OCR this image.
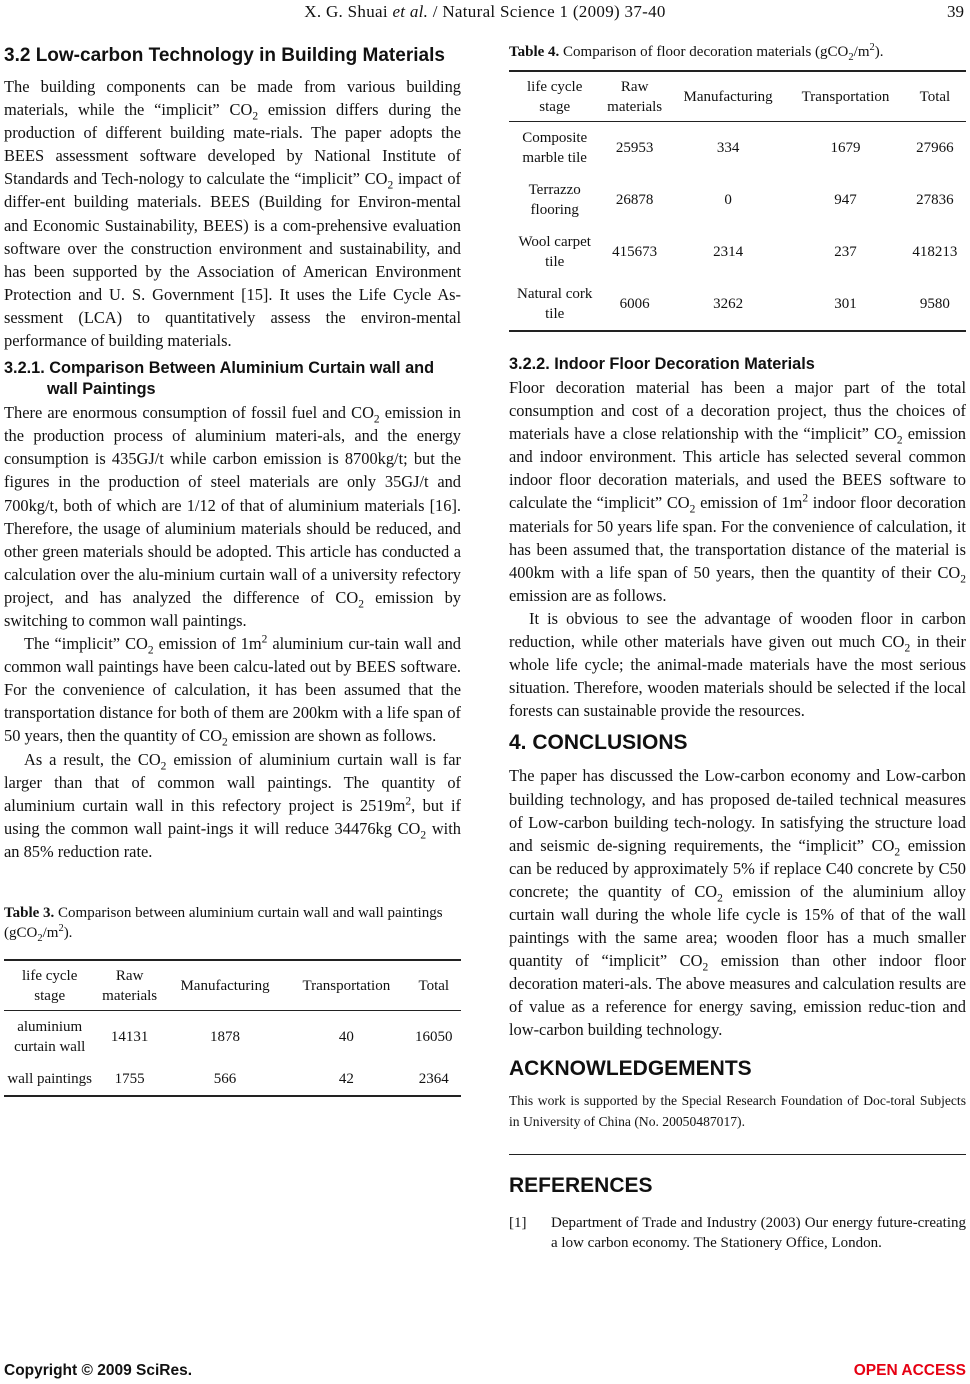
X. G. Shuai et al. / Natural Science 1 (2009) 37-40	39
3.2 Low-carbon Technology in Building Materials

The building components can be made from various building materials, while the “implicit” $CO_2$ emission differs during the production of different building mate-rials. The paper adopts the BEES assessment software developed by National Institute of Standards and Tech-nology to calculate the “implicit” $CO_2$ impact of differ-ent building materials. BEES (Building for Environ-mental and Economic Sustainability, BEES) is a com-prehensive evaluation software over the construction environment and sustainability, and has been supported by the Association of American Environment Protection and U. S. Government [15]. It uses the Life Cycle As-sessment (LCA) to quantitatively assess the environ-mental performance of building materials.

3.2.1. Comparison Between Aluminium Curtain wall and wall Paintings

There are enormous consumption of fossil fuel and $CO_2$ emission in the production process of aluminium materi-als, and the energy consumption is 435GJ/t while carbon emission is 8700kg/t; but the figures in the production of steel materials are only 35GJ/t and 700kg/t, both of which are 1/12 of that of aluminium materials [16]. Therefore, the usage of aluminium materials should be reduced, and other green materials should be adopted. This article has conducted a calculation over the alu-minium curtain wall of a university refectory project, and has analyzed the difference of $CO_2$ emission by switching to common wall paintings.

The “implicit” $CO_2$ emission of $1m^2$ aluminium cur-tain wall and common wall paintings have been calcu-lated out by BEES software. For the convenience of calculation, it has been assumed that the transportation distance for both of them are 200km with a life span of 50 years, then the quantity of $CO_2$ emission are shown as follows.

As a result, the $CO_2$ emission of aluminium curtain wall is far larger than that of common wall paintings. The quantity of aluminium curtain wall in this refectory project is $2519m^2$, but if using the common wall paint-ings it will reduce 34476kg $CO_2$ with an 85% reduction rate.

Table 3. Comparison between aluminium curtain wall and wall paintings $(gCO_2/m^2)$.

life cycle stage	Raw materials	Manufacturing	Transportation	Total
aluminium curtain wall	14131	1878	40	16050
wall paintings	1755	566	42	2364

Table 4. Comparison of floor decoration materials $(gCO_2/m^2)$.

life cycle stage	Raw materials	Manufacturing	Transportation	Total
Composite marble tile	25953	334	1679	27966
Terrazzo flooring	26878	0	947	27836
Wool carpet tile	415673	2314	237	418213
Natural cork tile	6006	3262	301	9580
3.2.2. Indoor Floor Decoration Materials

Floor decoration material has been a major part of the total consumption and cost of a decoration project, thus the choices of materials have a close relationship with the “implicit” $CO_2$ emission and indoor environment. This article has selected several common indoor floor decoration materials, and used the BEES software to calculate the “implicit” $CO_2$ emission of $1m^2$ indoor floor decoration materials for 50 years life span. For the convenience of calculation, it has been assumed that, the transportation distance of the material is 400km with a life span of 50 years, then the quantity of their $CO_2$ emission are as follows.

It is obvious to see the advantage of wooden floor in carbon reduction, while other materials have given out much $CO_2$ in their whole life cycle; the animal-made materials have the most serious situation. Therefore, wooden materials should be selected if the local forests can sustainable provide the resources.

4. CONCLUSIONS

The paper has discussed the Low-carbon economy and Low-carbon building technology, and has proposed de-tailed technical measures of Low-carbon building tech-nology. In satisfying the structure load and seismic de-signing requirements, the “implicit” $CO_2$ emission can be reduced by approximately 5% if replace C40 concrete by C50 concrete; the quantity of $CO_2$ emission of the aluminium alloy curtain wall during the whole life cycle is 15% of that of the wall paintings with the same area; wooden floor has a much smaller quantity of “implicit” $CO_2$ emission than other indoor floor decoration materi-als. The above measures and calculation results are of value as a reference for energy saving, emission reduc-tion and low-carbon building technology.

ACKNOWLEDGEMENTS

This work is supported by the Special Research Foundation of Doc-toral Subjects in University of China (No. 20050487017).

REFERENCES
[1]	Department of Trade and Industry (2003) Our energy future-creating a low carbon economy. The Stationery Office, London.
Copyright © 2009 SciRes.	OPEN ACCESS
